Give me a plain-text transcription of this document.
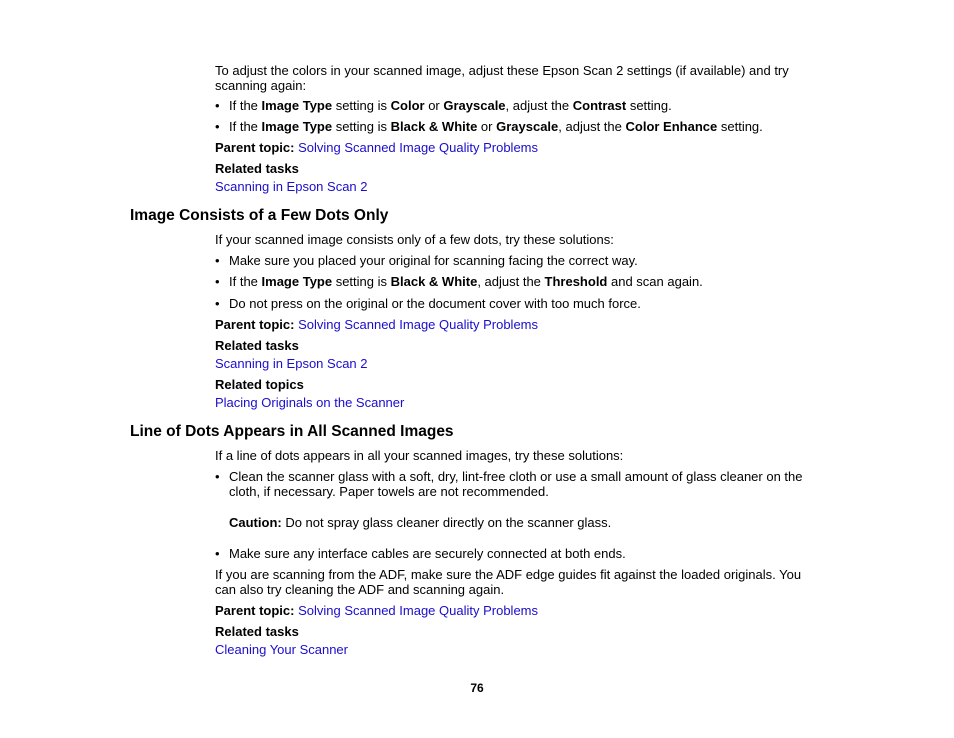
To adjust the colors in your scanned image, adjust these Epson Scan 2 settings (if available) and try scanning again:
• If the Image Type setting is Color or Grayscale, adjust the Contrast setting.
• If the Image Type setting is Black & White or Grayscale, adjust the Color Enhance setting.
Parent topic: Solving Scanned Image Quality Problems
Related tasks
Scanning in Epson Scan 2
Image Consists of a Few Dots Only
If your scanned image consists only of a few dots, try these solutions:
• Make sure you placed your original for scanning facing the correct way.
• If the Image Type setting is Black & White, adjust the Threshold and scan again.
• Do not press on the original or the document cover with too much force.
Parent topic: Solving Scanned Image Quality Problems
Related tasks
Scanning in Epson Scan 2
Related topics
Placing Originals on the Scanner
Line of Dots Appears in All Scanned Images
If a line of dots appears in all your scanned images, try these solutions:
• Clean the scanner glass with a soft, dry, lint-free cloth or use a small amount of glass cleaner on the cloth, if necessary. Paper towels are not recommended.
Caution: Do not spray glass cleaner directly on the scanner glass.
• Make sure any interface cables are securely connected at both ends.
If you are scanning from the ADF, make sure the ADF edge guides fit against the loaded originals. You can also try cleaning the ADF and scanning again.
Parent topic: Solving Scanned Image Quality Problems
Related tasks
Cleaning Your Scanner
76
